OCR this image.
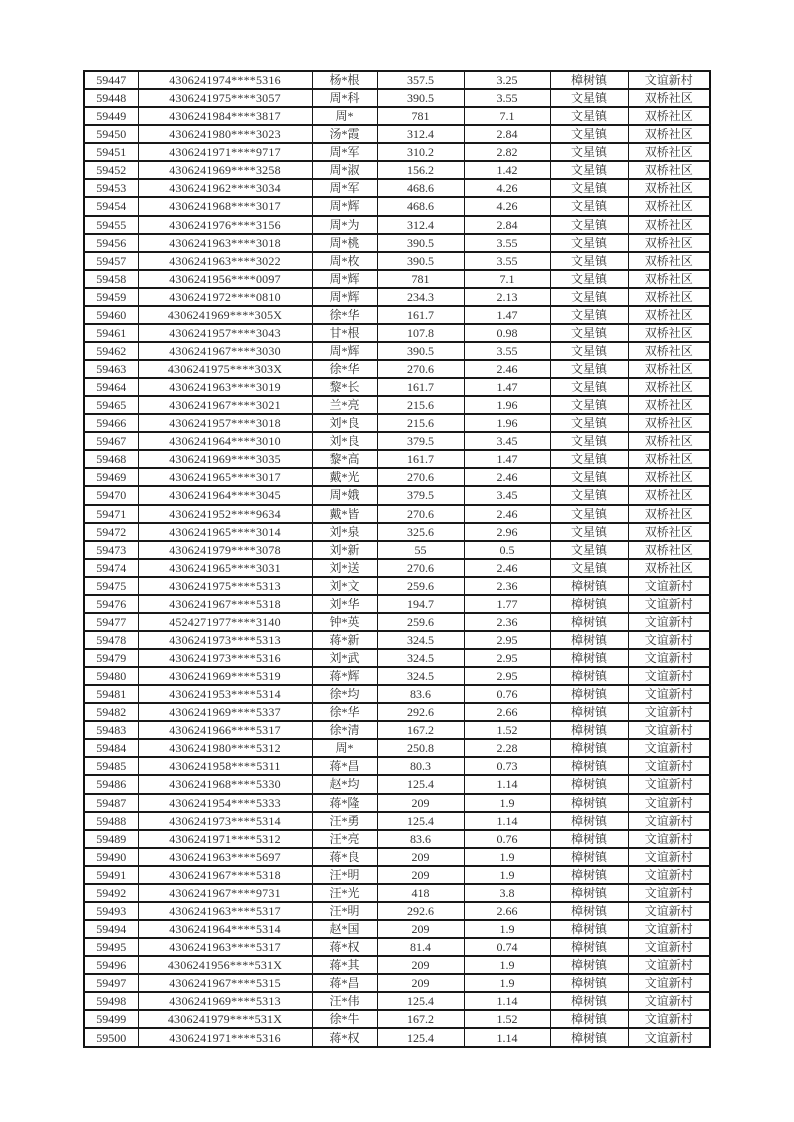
59447	4306241974****5316	杨*根	357.5	3.25	樟树镇	文谊新村
59448	4306241975****3057	周*科	390.5	3.55	文星镇	双桥社区
59449	4306241984****3817	周*	781	7.1	文星镇	双桥社区
59450	4306241980****3023	汤*霞	312.4	2.84	文星镇	双桥社区
59451	4306241971****9717	周*军	310.2	2.82	文星镇	双桥社区
59452	4306241969****3258	周*淑	156.2	1.42	文星镇	双桥社区
59453	4306241962****3034	周*军	468.6	4.26	文星镇	双桥社区
59454	4306241968****3017	周*辉	468.6	4.26	文星镇	双桥社区
59455	4306241976****3156	周*为	312.4	2.84	文星镇	双桥社区
59456	4306241963****3018	周*桃	390.5	3.55	文星镇	双桥社区
59457	4306241963****3022	周*枚	390.5	3.55	文星镇	双桥社区
59458	4306241956****0097	周*辉	781	7.1	文星镇	双桥社区
59459	4306241972****0810	周*辉	234.3	2.13	文星镇	双桥社区
59460	4306241969****305X	徐*华	161.7	1.47	文星镇	双桥社区
59461	4306241957****3043	甘*根	107.8	0.98	文星镇	双桥社区
59462	4306241967****3030	周*辉	390.5	3.55	文星镇	双桥社区
59463	4306241975****303X	徐*华	270.6	2.46	文星镇	双桥社区
59464	4306241963****3019	黎*长	161.7	1.47	文星镇	双桥社区
59465	4306241967****3021	兰*亮	215.6	1.96	文星镇	双桥社区
59466	4306241957****3018	刘*良	215.6	1.96	文星镇	双桥社区
59467	4306241964****3010	刘*良	379.5	3.45	文星镇	双桥社区
59468	4306241969****3035	黎*高	161.7	1.47	文星镇	双桥社区
59469	4306241965****3017	戴*光	270.6	2.46	文星镇	双桥社区
59470	4306241964****3045	周*娥	379.5	3.45	文星镇	双桥社区
59471	4306241952****9634	戴*皆	270.6	2.46	文星镇	双桥社区
59472	4306241965****3014	刘*泉	325.6	2.96	文星镇	双桥社区
59473	4306241979****3078	刘*新	55	0.5	文星镇	双桥社区
59474	4306241965****3031	刘*送	270.6	2.46	文星镇	双桥社区
59475	4306241975****5313	刘*文	259.6	2.36	樟树镇	文谊新村
59476	4306241967****5318	刘*华	194.7	1.77	樟树镇	文谊新村
59477	4524271977****3140	钟*英	259.6	2.36	樟树镇	文谊新村
59478	4306241973****5313	蒋*新	324.5	2.95	樟树镇	文谊新村
59479	4306241973****5316	刘*武	324.5	2.95	樟树镇	文谊新村
59480	4306241969****5319	蒋*辉	324.5	2.95	樟树镇	文谊新村
59481	4306241953****5314	徐*均	83.6	0.76	樟树镇	文谊新村
59482	4306241969****5337	徐*华	292.6	2.66	樟树镇	文谊新村
59483	4306241966****5317	徐*清	167.2	1.52	樟树镇	文谊新村
59484	4306241980****5312	周*	250.8	2.28	樟树镇	文谊新村
59485	4306241958****5311	蒋*昌	80.3	0.73	樟树镇	文谊新村
59486	4306241968****5330	赵*均	125.4	1.14	樟树镇	文谊新村
59487	4306241954****5333	蒋*隆	209	1.9	樟树镇	文谊新村
59488	4306241973****5314	汪*勇	125.4	1.14	樟树镇	文谊新村
59489	4306241971****5312	汪*亮	83.6	0.76	樟树镇	文谊新村
59490	4306241963****5697	蒋*良	209	1.9	樟树镇	文谊新村
59491	4306241967****5318	汪*明	209	1.9	樟树镇	文谊新村
59492	4306241967****9731	汪*光	418	3.8	樟树镇	文谊新村
59493	4306241963****5317	汪*明	292.6	2.66	樟树镇	文谊新村
59494	4306241964****5314	赵*国	209	1.9	樟树镇	文谊新村
59495	4306241963****5317	蒋*权	81.4	0.74	樟树镇	文谊新村
59496	4306241956****531X	蒋*其	209	1.9	樟树镇	文谊新村
59497	4306241967****5315	蒋*昌	209	1.9	樟树镇	文谊新村
59498	4306241969****5313	汪*伟	125.4	1.14	樟树镇	文谊新村
59499	4306241979****531X	徐*牛	167.2	1.52	樟树镇	文谊新村
59500	4306241971****5316	蒋*权	125.4	1.14	樟树镇	文谊新村
